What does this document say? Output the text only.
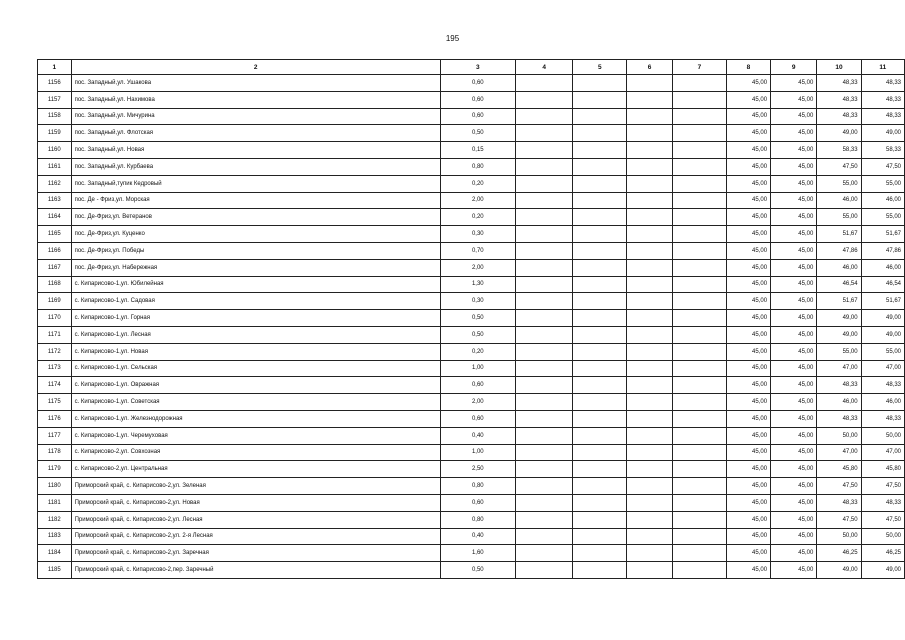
195
1	2	3	4	5	6	7	8	9	10	11
1156	пос. Западный,ул. Ушакова	0,60					45,00	45,00	48,33	48,33
1157	пос. Западный,ул. Нахимова	0,60					45,00	45,00	48,33	48,33
1158	пос. Западный,ул. Мичурина	0,60					45,00	45,00	48,33	48,33
1159	пос. Западный,ул. Флотская	0,50					45,00	45,00	49,00	49,00
1160	пос. Западный,ул. Новая	0,15					45,00	45,00	58,33	58,33
1161	пос. Западный,ул. Курбаева	0,80					45,00	45,00	47,50	47,50
1162	пос. Западный,тупик Кедровый	0,20					45,00	45,00	55,00	55,00
1163	пос. Де - Фриз,ул. Морская	2,00					45,00	45,00	46,00	46,00
1164	пос. Де-Фриз,ул. Ветеранов	0,20					45,00	45,00	55,00	55,00
1165	пос. Де-Фриз,ул. Куценко	0,30					45,00	45,00	51,67	51,67
1166	пос. Де-Фриз,ул. Победы	0,70					45,00	45,00	47,86	47,86
1167	пос. Де-Фриз,ул. Набережная	2,00					45,00	45,00	46,00	46,00
1168	с. Кипарисово-1,ул. Юбилейная	1,30					45,00	45,00	46,54	46,54
1169	с. Кипарисово-1,ул. Садовая	0,30					45,00	45,00	51,67	51,67
1170	с. Кипарисово-1,ул. Горная	0,50					45,00	45,00	49,00	49,00
1171	с. Кипарисово-1,ул. Лесная	0,50					45,00	45,00	49,00	49,00
1172	с. Кипарисово-1,ул. Новая	0,20					45,00	45,00	55,00	55,00
1173	с. Кипарисово-1,ул. Сельская	1,00					45,00	45,00	47,00	47,00
1174	с. Кипарисово-1,ул. Овражная	0,60					45,00	45,00	48,33	48,33
1175	с. Кипарисово-1,ул. Советская	2,00					45,00	45,00	46,00	46,00
1176	с. Кипарисово-1,ул. Железнодорожная	0,60					45,00	45,00	48,33	48,33
1177	с. Кипарисово-1,ул. Черемуховая	0,40					45,00	45,00	50,00	50,00
1178	с. Кипарисово-2,ул. Совхозная	1,00					45,00	45,00	47,00	47,00
1179	с. Кипарисово-2,ул. Центральная	2,50					45,00	45,00	45,80	45,80
1180	Приморский край, с. Кипарисово-2,ул. Зеленая	0,80					45,00	45,00	47,50	47,50
1181	Приморский край, с. Кипарисово-2,ул. Новая	0,60					45,00	45,00	48,33	48,33
1182	Приморский край, с. Кипарисово-2,ул. Лесная	0,80					45,00	45,00	47,50	47,50
1183	Приморский край, с. Кипарисово-2,ул. 2-я Лесная	0,40					45,00	45,00	50,00	50,00
1184	Приморский край, с. Кипарисово-2,ул. Заречная	1,60					45,00	45,00	46,25	46,25
1185	Приморский край, с. Кипарисово-2,пер. Заречный	0,50					45,00	45,00	49,00	49,00
